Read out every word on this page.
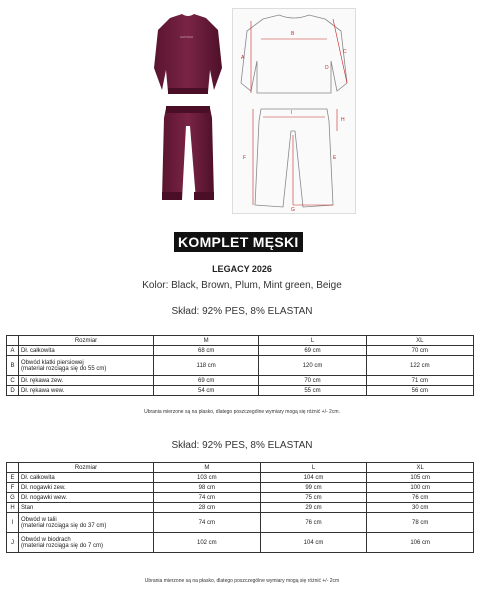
GROSSO
A
B
C
D
E
F
G
H
I
KOMPLET MĘSKI
LEGACY 2026
Kolor: Black, Brown, Plum, Mint green, Beige
Skład: 92% PES, 8% ELASTAN
	Rozmiar	M	L	XL
A	Dł. całkowita	68 cm	69 cm	70 cm
B	Obwód klatki piersiowej
(materiał rozciąga się do 55 cm)	118 cm	120 cm	122 cm
C	Dł. rękawa zew.	69 cm	70 cm	71 cm
D	Dł. rękawa wew.	54 cm	55 cm	56 cm
Ubrania mierzone są na płasko, dlatego poszczególne wymiary mogą się różnić +/- 2cm.
Skład: 92% PES, 8% ELASTAN
	Rozmiar	M	L	XL
E	Dł. całkowita	103 cm	104 cm	105 cm
F	Dł. nogawki zew.	98 cm	99 cm	100 cm
G	Dł. nogawki wew.	74 cm	75 cm	76 cm
H	Stan	28 cm	29 cm	30 cm
I	Obwód w talii
(materiał rozciąga się do 37 cm)	74 cm	76 cm	78 cm
J	Obwód w biodrach
(materiał rozciąga się do 7 cm)	102 cm	104 cm	106 cm
Ubrania mierzone są na płasko, dlatego poszczególne wymiary mogą się różnić +/- 2cm
